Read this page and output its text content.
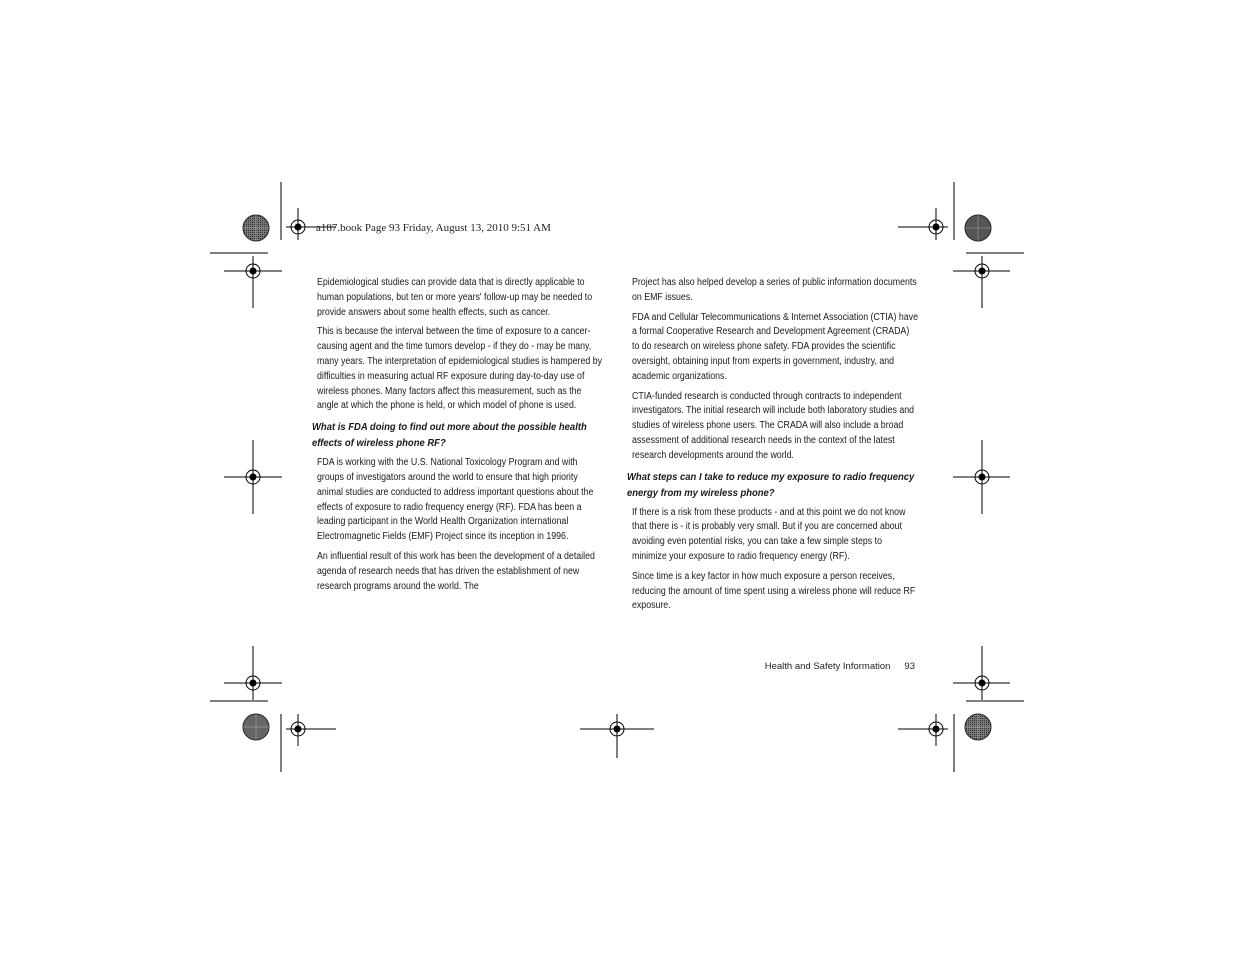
a187.book Page 93 Friday, August 13, 2010 9:51 AM

Epidemiological studies can provide data that is directly applicable to human populations, but ten or more years' follow-up may be needed to provide answers about some health effects, such as cancer.

This is because the interval between the time of exposure to a cancer-causing agent and the time tumors develop - if they do - may be many, many years. The interpretation of epidemiological studies is hampered by difficulties in measuring actual RF exposure during day-to-day use of wireless phones. Many factors affect this measurement, such as the angle at which the phone is held, or which model of phone is used.

What is FDA doing to find out more about the possible health effects of wireless phone RF?

FDA is working with the U.S. National Toxicology Program and with groups of investigators around the world to ensure that high priority animal studies are conducted to address important questions about the effects of exposure to radio frequency energy (RF). FDA has been a leading participant in the World Health Organization international Electromagnetic Fields (EMF) Project since its inception in 1996.

An influential result of this work has been the development of a detailed agenda of research needs that has driven the establishment of new research programs around the world. The

Project has also helped develop a series of public information documents on EMF issues.

FDA and Cellular Telecommunications & Internet Association (CTIA) have a formal Cooperative Research and Development Agreement (CRADA) to do research on wireless phone safety. FDA provides the scientific oversight, obtaining input from experts in government, industry, and academic organizations.

CTIA-funded research is conducted through contracts to independent investigators. The initial research will include both laboratory studies and studies of wireless phone users. The CRADA will also include a broad assessment of additional research needs in the context of the latest research developments around the world.

What steps can I take to reduce my exposure to radio frequency energy from my wireless phone?

If there is a risk from these products - and at this point we do not know that there is - it is probably very small. But if you are concerned about avoiding even potential risks, you can take a few simple steps to minimize your exposure to radio frequency energy (RF).

Since time is a key factor in how much exposure a person receives, reducing the amount of time spent using a wireless phone will reduce RF exposure.

Health and Safety Information 93
